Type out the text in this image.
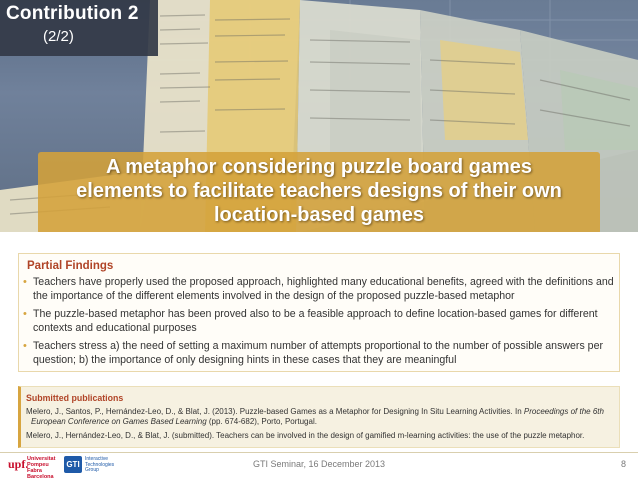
Contribution 2
(2/2)
A metaphor considering puzzle board games
elements to facilitate teachers designs of their own
location-based games
Partial Findings
• Teachers have properly used the proposed approach, highlighted many educational benefits, agreed with the definitions and the importance of the different elements involved in the design of the proposed puzzle-based metaphor
• The puzzle-based metaphor has been proved also to be a feasible approach to define location-based games for different contexts and educational purposes
• Teachers stress a) the need of setting a maximum number of attempts proportional to the number of possible answers per question; b) the importance of only designing hints in these cases that they are meaningful
Submitted publications
Melero, J., Santos, P., Hernández-Leo, D., & Blat, J. (2013). Puzzle-based Games as a Metaphor for Designing In Situ Learning Activities. In Proceedings of the 6th
European Conference on Games Based Learning (pp. 674-682), Porto, Portugal.
Melero, J., Hernández-Leo, D., & Blat, J. (submitted). Teachers can be involved in the design of gamified m-learning activities: the use of the puzzle metaphor.
upf.
Universitat
Pompeu Fabra
Barcelona
GTI
Interactive
Technologies
Group
GTI Seminar, 16 December 2013	8
